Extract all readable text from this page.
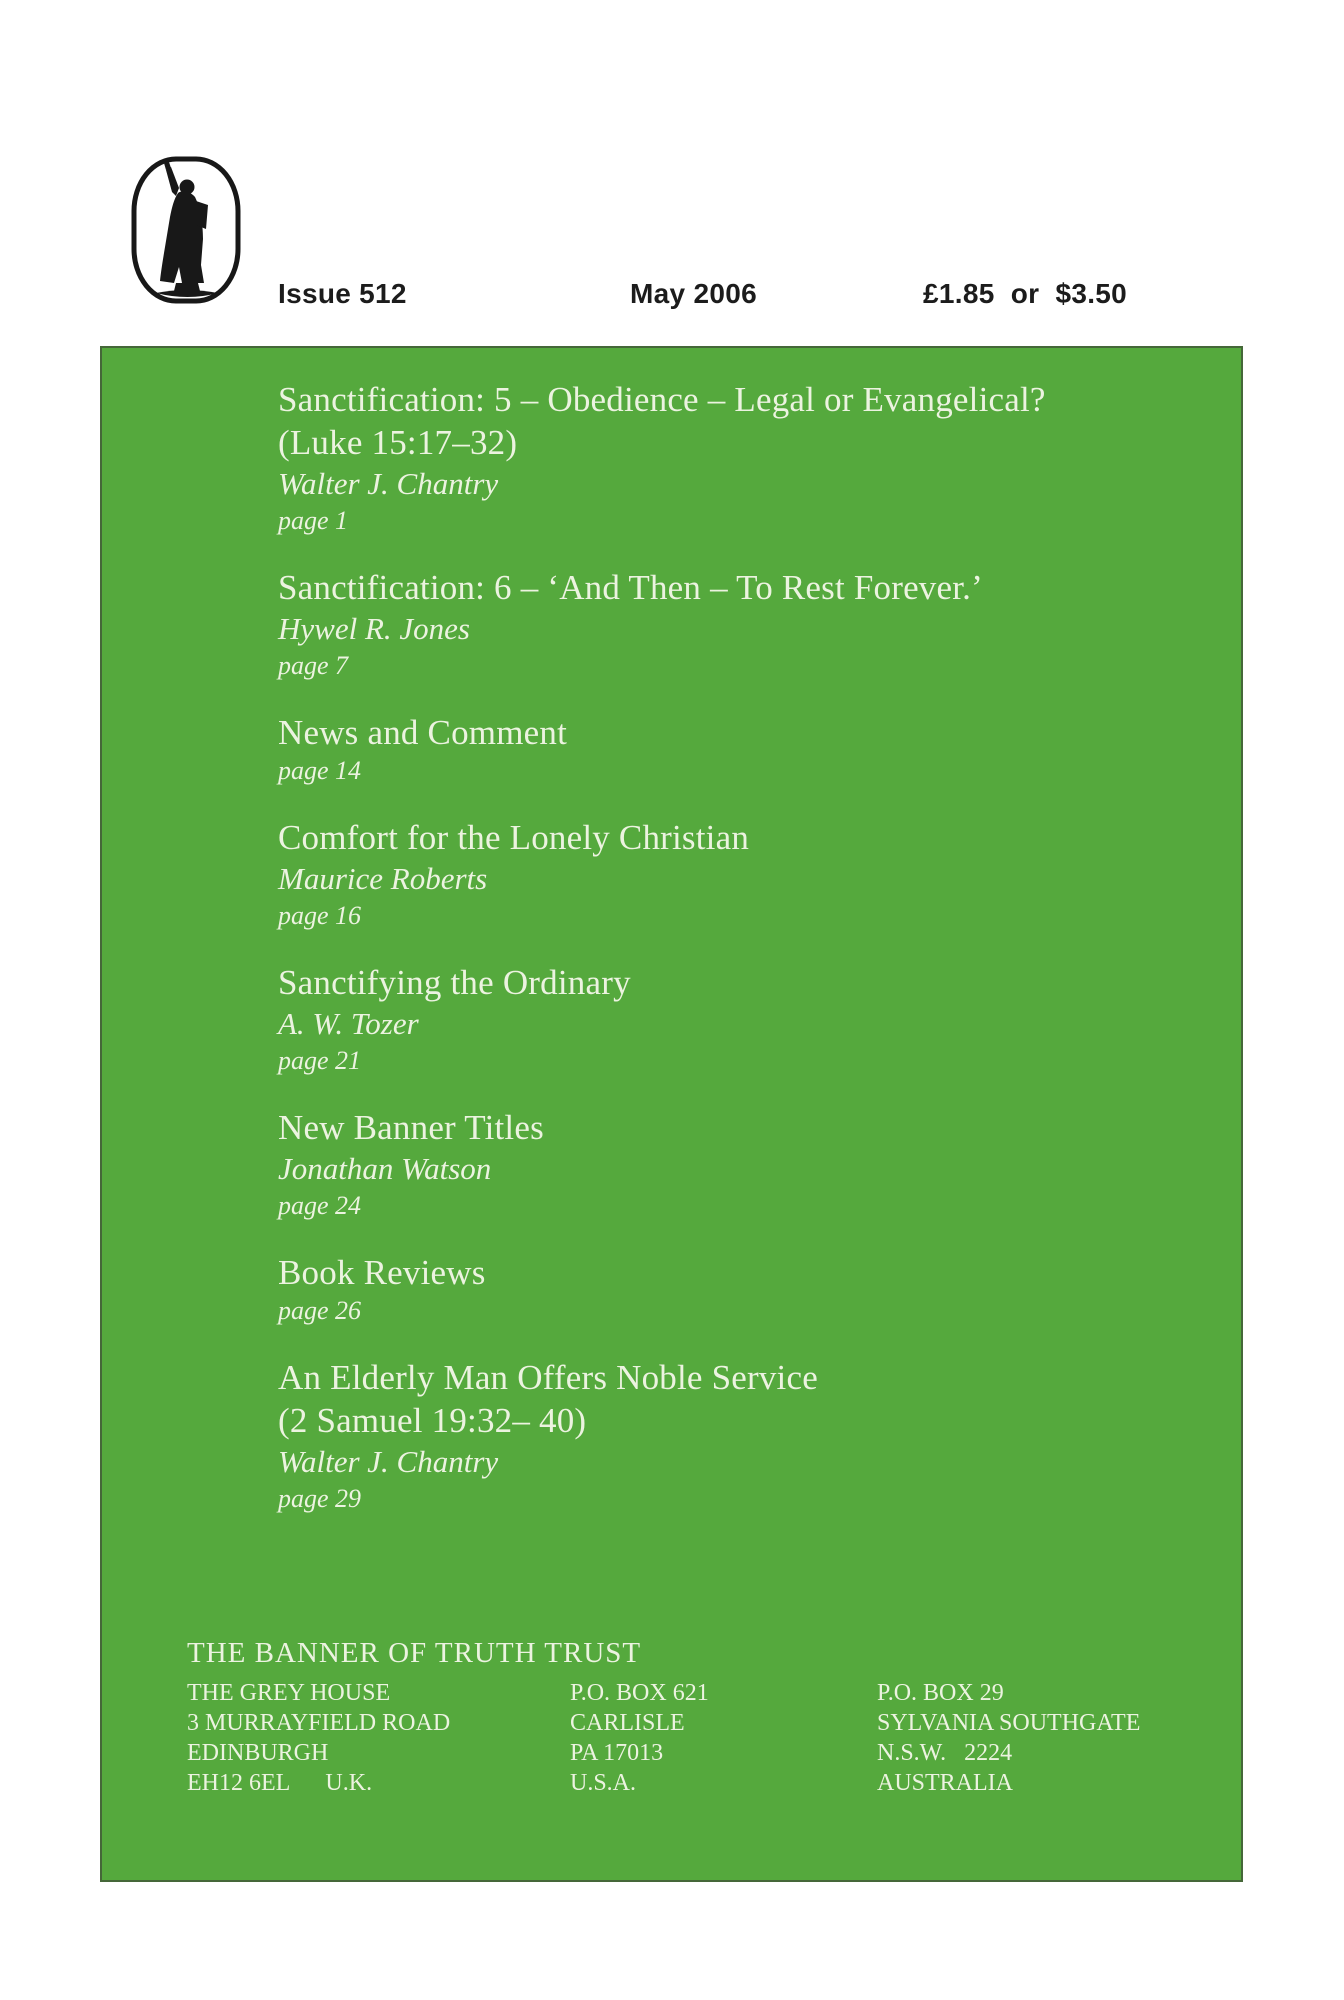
Issue 512	May 2006	£1.85  or  $3.50
Sanctification: 5 – Obedience – Legal or Evangelical?
(Luke 15:17–32)
Walter J. Chantry
page 1
Sanctification: 6 – ‘And Then – To Rest Forever.’
Hywel R. Jones
page 7
News and Comment
page 14
Comfort for the Lonely Christian
Maurice Roberts
page 16
Sanctifying the Ordinary
A. W. Tozer
page 21
New Banner Titles
Jonathan Watson
page 24
Book Reviews
page 26
An Elderly Man Offers Noble Service
(2 Samuel 19:32– 40)
Walter J. Chantry
page 29
THE BANNER OF TRUTH TRUST
THE GREY HOUSE
3 MURRAYFIELD ROAD
EDINBURGH
EH12 6EL      U.K.
P.O. BOX 621
CARLISLE
PA 17013
U.S.A.
P.O. BOX 29
SYLVANIA SOUTHGATE
N.S.W.   2224
AUSTRALIA
